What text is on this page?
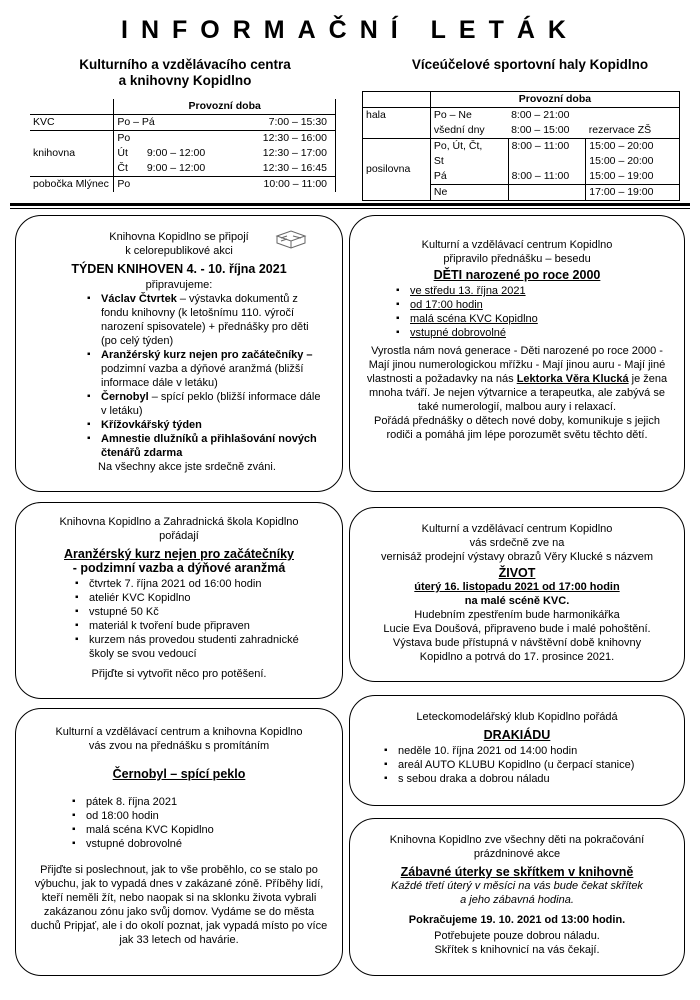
INFORMAČNÍ LETÁK
Kulturního a vzdělávacího centra
a knihovny Kopidlno
Víceúčelové sportovní haly Kopidlno
	Provozní doba		
KVC	Po – Pá		7:00 – 15:30
	Po		12:30 – 16:00
knihovna	Út	9:00 – 12:00	12:30 – 17:00
	Čt	9:00 – 12:00	12:30 – 16:45
pobočka Mlýnec	Po		10:00 – 11:00
	Provozní doba		
hala	Po – Ne	8:00 – 21:00	
	všední dny	8:00 – 15:00	rezervace ZŠ
posilovna	Po, Út, Čt,	8:00 – 11:00	15:00 – 20:00
	St		15:00 – 20:00
	Pá	8:00 – 11:00	15:00 – 19:00
	Ne		17:00 – 19:00
Knihovna Kopidlno se připojí
k celorepublikové akci
TÝDEN KNIHOVEN 4. - 10. října 2021
připravujeme:
▪ Václav Čtvrtek – výstavka dokumentů z fondu knihovny (k letošnímu 110. výročí narození spisovatele) + přednášky pro děti (po celý týden)
▪ Aranžérský kurz nejen pro začátečníky – podzimní vazba a dýňové aranžmá (bližší informace dále v letáku)
▪ Černobyl – spící peklo (bližší informace dále v letáku)
▪ Křížovkářský týden
▪ Amnestie dlužníků a přihlašování nových čtenářů zdarma
Na všechny akce jste srdečně zváni.
Kulturní a vzdělávací centrum Kopidlno
připravilo přednášku – besedu
DĚTI narozené po roce 2000
▪ ve středu 13. října 2021
▪ od 17:00 hodin
▪ malá scéna KVC Kopidlno
▪ vstupné dobrovolné
Vyrostla nám nová generace - Děti narozené po roce 2000 - Mají jinou numerologickou mřížku - Mají jinou auru - Mají jiné vlastnosti a požadavky na nás Lektorka Věra Klucká je žena mnoha tváří. Je nejen výtvarnice a terapeutka, ale zabývá se také numerologií, malbou aury i relaxací.
Pořádá přednášky o dětech nové doby, komunikuje s jejich rodiči a pomáhá jim lépe porozumět světu těchto dětí.
Knihovna Kopidlno a Zahradnická škola Kopidlno
pořádají
Aranžérský kurz nejen pro začátečníky
- podzimní vazba a dýňové aranžmá
▪ čtvrtek 7. října 2021 od 16:00 hodin
▪ ateliér KVC Kopidlno
▪ vstupné 50 Kč
▪ materiál k tvoření bude připraven
▪ kurzem nás provedou studenti zahradnické školy se svou vedoucí
Přijďte si vytvořit něco pro potěšení.
Kulturní a vzdělávací centrum Kopidlno
vás srdečně zve na
vernisáž prodejní výstavy obrazů Věry Klucké s názvem
ŽIVOT
úterý 16. listopadu 2021 od 17:00 hodin
na malé scéně KVC.
Hudebním zpestřením bude harmonikářka
Lucie Eva Doušová, připraveno bude i malé pohoštění.
Výstava bude přístupná v návštěvní době knihovny
Kopidlno a potrvá do 17. prosince 2021.
Kulturní a vzdělávací centrum a knihovna Kopidlno
vás zvou na přednášku s promítáním
Černobyl – spící peklo
▪ pátek 8. října 2021
▪ od 18:00 hodin
▪ malá scéna KVC Kopidlno
▪ vstupné dobrovolné
Přijďte si poslechnout, jak to vše proběhlo, co se stalo po výbuchu, jak to vypadá dnes v zakázané zóně. Příběhy lidí, kteří neměli žít, nebo naopak si na sklonku života vybrali zakázanou zónu jako svůj domov. Vydáme se do města duchů Pripjať, ale i do okolí poznat, jak vypadá místo po více jak 33 letech od havárie.
Leteckomodelářský klub Kopidlno pořádá
DRAKIÁDU
▪ neděle 10. října 2021 od 14:00 hodin
▪ areál AUTO KLUBU Kopidlno (u čerpací stanice)
▪ s sebou draka a dobrou náladu
Knihovna Kopidlno zve všechny děti na pokračování
prázdninové akce
Zábavné úterky se skřítkem v knihovně
Každé třetí úterý v měsíci na vás bude čekat skřítek
a jeho zábavná hodina.
Pokračujeme 19. 10. 2021 od 13:00 hodin.
Potřebujete pouze dobrou náladu.
Skřítek s knihovnicí na vás čekají.
